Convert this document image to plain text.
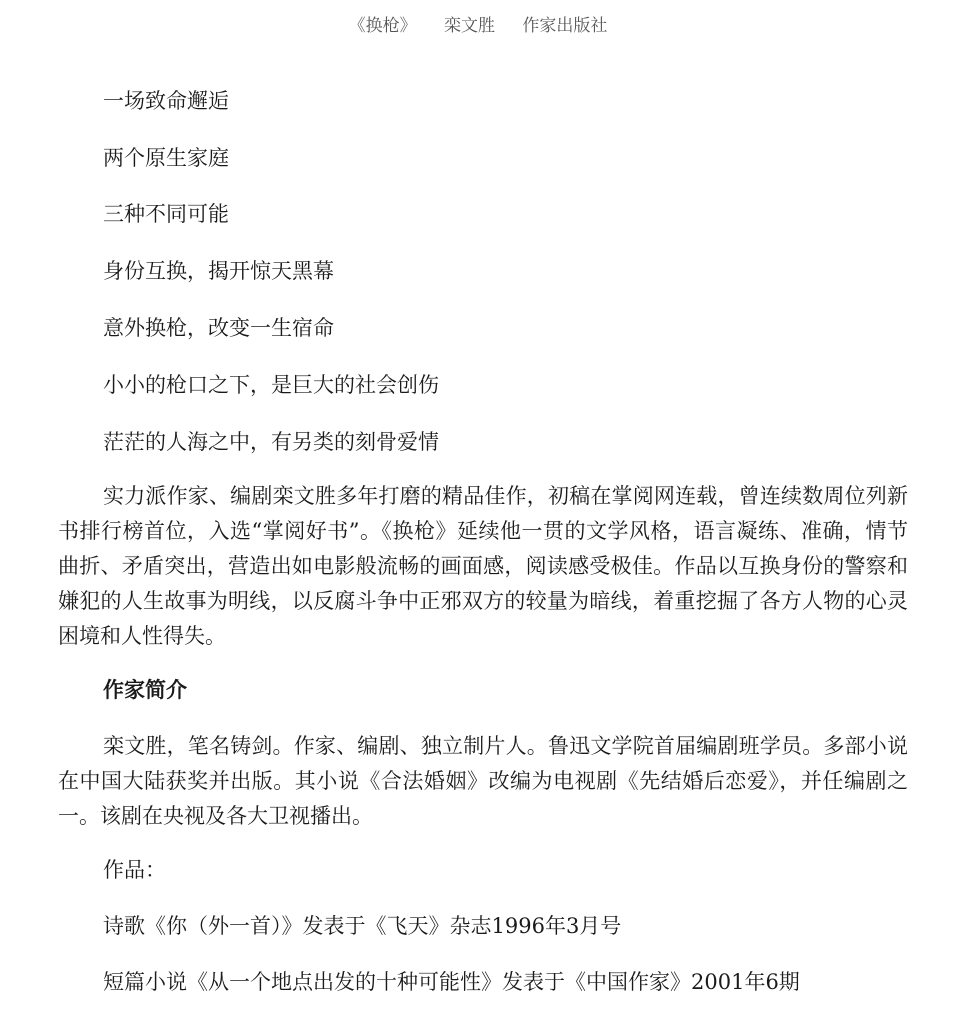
《换枪》 栾文胜 作家出版社
一场致命邂逅
两个原生家庭
三种不同可能
身份互换，揭开惊天黑幕
意外换枪，改变一生宿命
小小的枪口之下，是巨大的社会创伤
茫茫的人海之中，有另类的刻骨爱情

实力派作家、编剧栾文胜多年打磨的精品佳作，初稿在掌阅网连载，曾连续数周位列新书排行榜首位，入选“掌阅好书”。《换枪》延续他一贯的文学风格，语言凝练、准确，情节曲折、矛盾突出，营造出如电影般流畅的画面感，阅读感受极佳。作品以互换身份的警察和嫌犯的人生故事为明线，以反腐斗争中正邪双方的较量为暗线，着重挖掘了各方人物的心灵困境和人性得失。

作家简介

栾文胜，笔名铸剑。作家、编剧、独立制片人。鲁迅文学院首届编剧班学员。多部小说在中国大陆获奖并出版。其小说《合法婚姻》改编为电视剧《先结婚后恋爱》，并任编剧之一。该剧在央视及各大卫视播出。

作品：
诗歌《你（外一首）》发表于《飞天》杂志1996年3月号
短篇小说《从一个地点出发的十种可能性》发表于《中国作家》2001年6期
